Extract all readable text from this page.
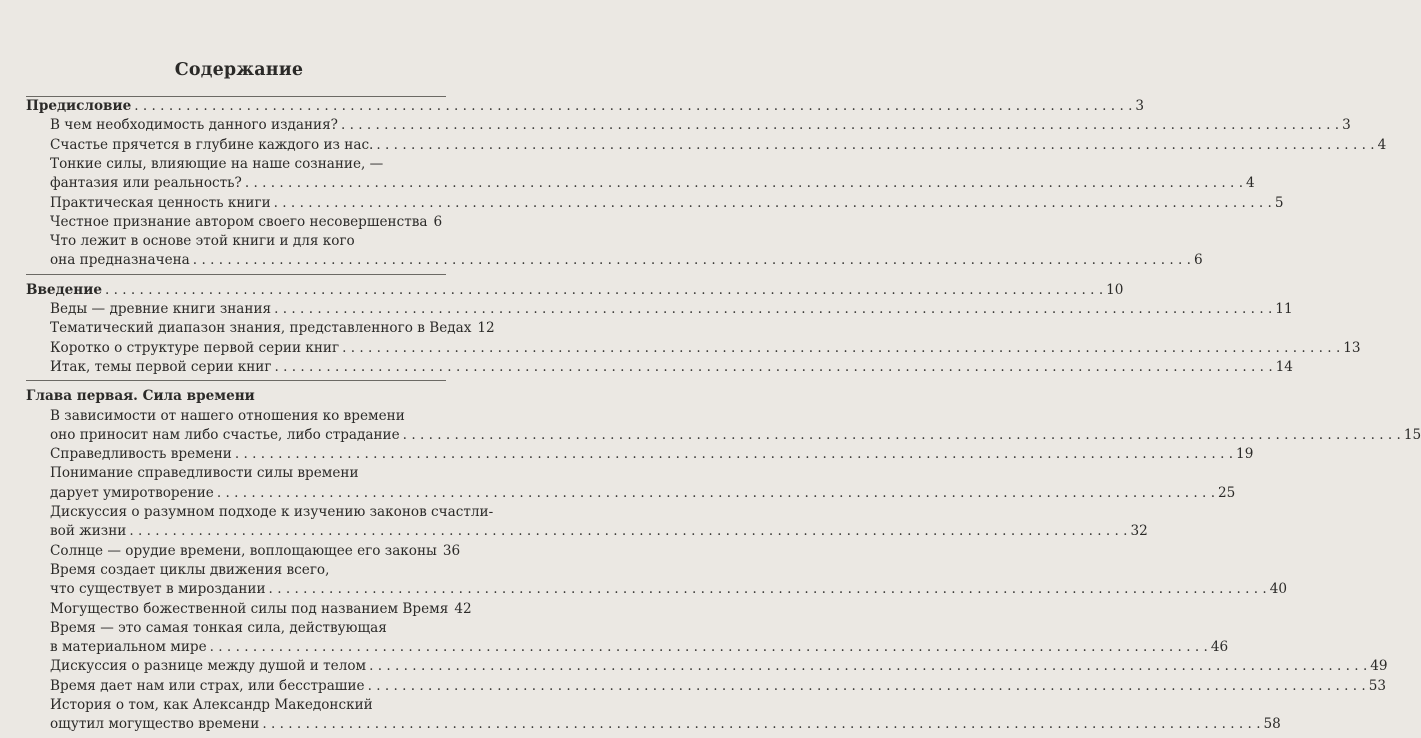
Содержание
Предисловие . . .	3
В чем необходимость данного издания? . . .	3
Счастье прячется в глубине каждого из нас. . . .	4
Тонкие силы, влияющие на наше сознание, —
фантазия или реальность? . . .	4
Практическая ценность книги . . .	5
Честное признание автором своего несовершенства 6
Что лежит в основе этой книги и для кого
она предназначена . . .	6
Введение . . .	10
Веды — древние книги знания . . .	11
Тематический диапазон знания, представленного в Ведах 12
Коротко о структуре первой серии книг . . .	13
Итак, темы первой серии книг . . .	14
Глава первая. Сила времени
В зависимости от нашего отношения ко времени
оно приносит нам либо счастье, либо страдание . . .	15
Справедливость времени . . .	19
Понимание справедливости силы времени
дарует умиротворение . . .	25
Дискуссия о разумном подходе к изучению законов счастли-
вой жизни . . .	32
Солнце — орудие времени, воплощающее его законы 36
Время создает циклы движения всего,
что существует в мироздании . . .	40
Могущество божественной силы под названием Время 42
Время — это самая тонкая сила, действующая
в материальном мире . . .	46
Дискуссия о разнице между душой и телом . . .	49
Время дает нам или страх, или бесстрашие . . .	53
История о том, как Александр Македонский
ощутил могущество времени . . .	58
